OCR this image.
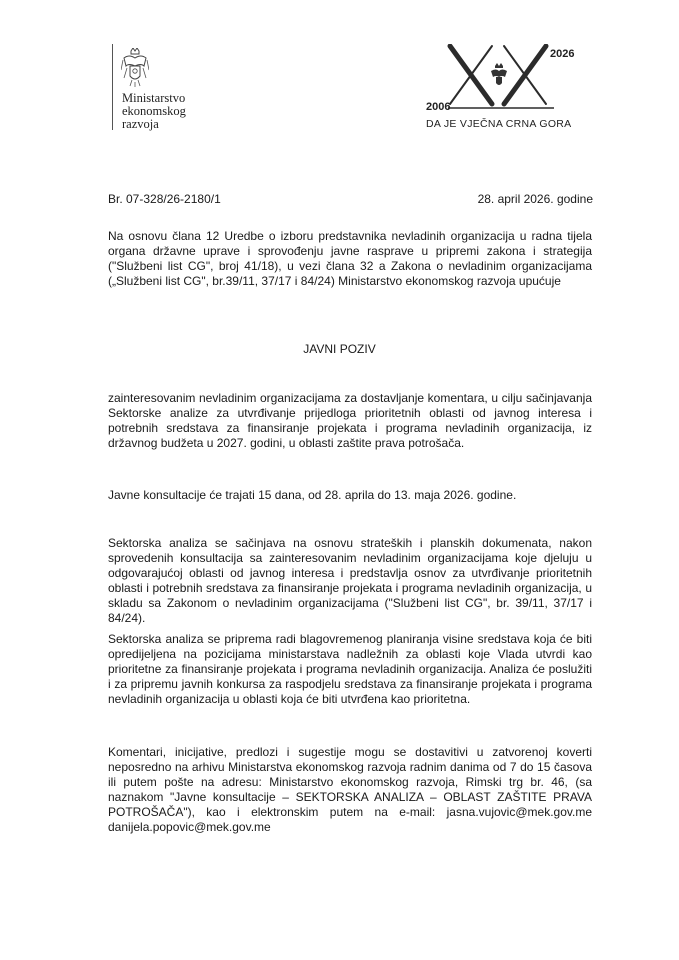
Ministarstvo
ekonomskog
razvoja
2026
2006
DA JE VJEČNA CRNA GORA
Br. 07-328/26-2180/1	28. april 2026. godine
Na osnovu člana 12 Uredbe o izboru predstavnika nevladinih organizacija u radna tijela organa državne uprave i sprovođenju javne rasprave u pripremi zakona i strategija ("Službeni list CG", broj 41/18), u vezi člana 32 a Zakona o nevladinim organizacijama („Službeni list CG", br.39/11, 37/17 i 84/24) Ministarstvo ekonomskog razvoja upućuje
JAVNI POZIV
zainteresovanim nevladinim organizacijama za dostavljanje komentara, u cilju sačinjavanja Sektorske analize za utvrđivanje prijedloga prioritetnih oblasti od javnog interesa i potrebnih sredstava za finansiranje projekata i programa nevladinih organizacija, iz državnog budžeta u 2027. godini, u oblasti zaštite prava potrošača.
Javne konsultacije će trajati 15 dana, od 28. aprila do 13. maja 2026. godine.
Sektorska analiza se sačinjava na osnovu strateških i planskih dokumenata, nakon sprovedenih konsultacija sa zainteresovanim nevladinim organizacijama koje djeluju u odgovarajućoj oblasti od javnog interesa i predstavlja osnov za utvrđivanje prioritetnih oblasti i potrebnih sredstava za finansiranje projekata i programa nevladinih organizacija, u skladu sa Zakonom o nevladinim organizacijama ("Službeni list CG", br. 39/11, 37/17 i 84/24).
Sektorska analiza se priprema radi blagovremenog planiranja visine sredstava koja će biti opredijeljena na pozicijama ministarstava nadležnih za oblasti koje Vlada utvrdi kao prioritetne za finansiranje projekata i programa nevladinih organizacija. Analiza će poslužiti i za pripremu javnih konkursa za raspodjelu sredstava za finansiranje projekata i programa nevladinih organizacija u oblasti koja će biti utvrđena kao prioritetna.
Komentari, inicijative, predlozi i sugestije mogu se dostavitivi u zatvorenoj koverti neposredno na arhivu Ministarstva ekonomskog razvoja radnim danima od 7 do 15 časova ili putem pošte na adresu: Ministarstvo ekonomskog razvoja, Rimski trg br. 46, (sa naznakom "Javne konsultacije – SEKTORSKA ANALIZA – OBLAST ZAŠTITE PRAVA POTROŠAČA"), kao i elektronskim putem na e-mail: jasna.vujovic@mek.gov.me danijela.popovic@mek.gov.me
